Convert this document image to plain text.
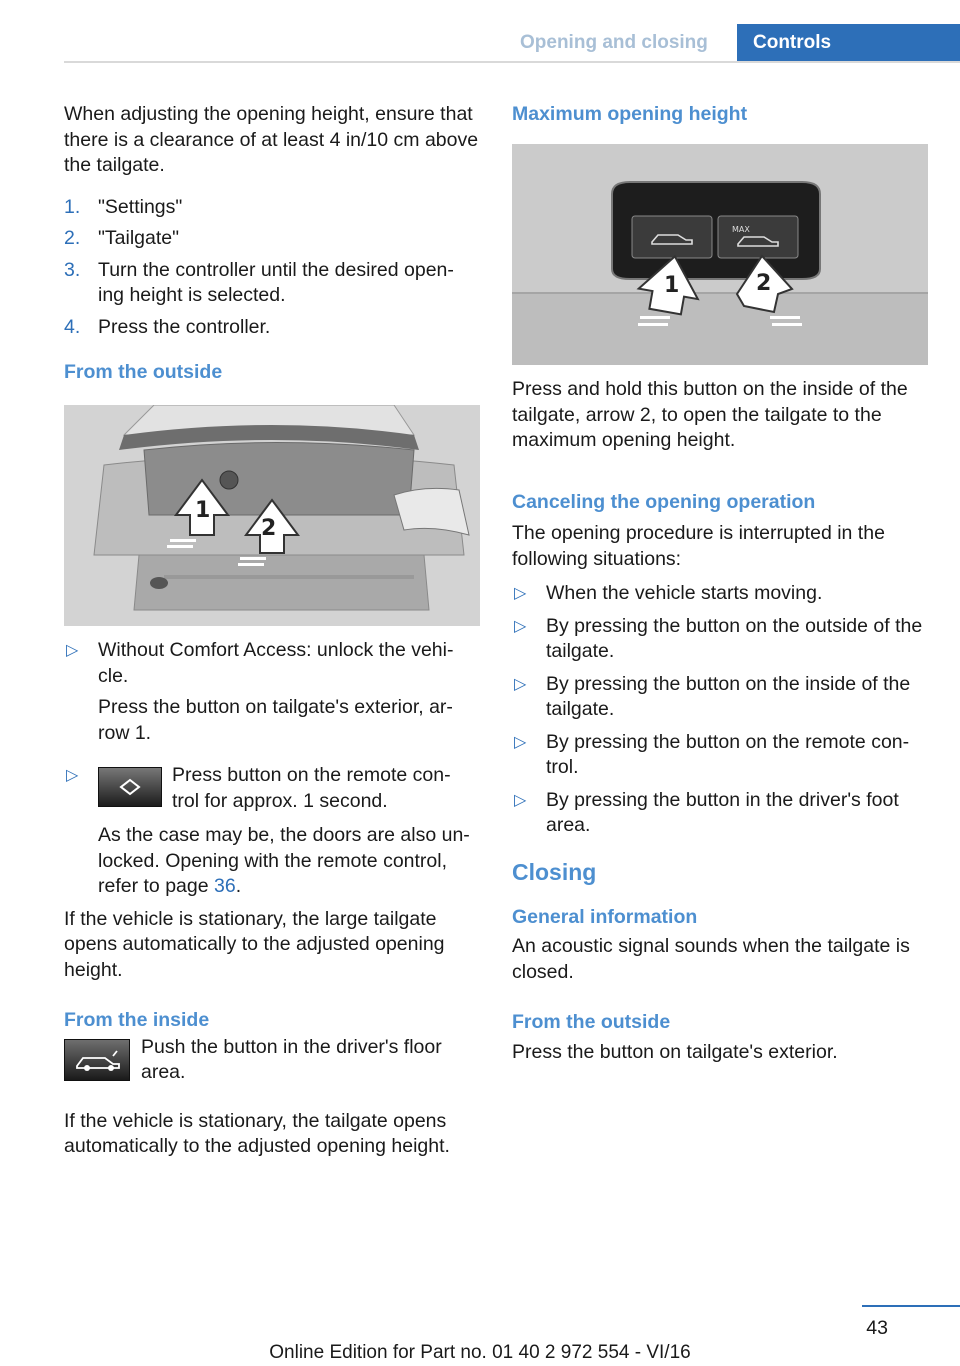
Opening and closing	Controls

When adjusting the opening height, ensure that there is a clearance of at least 4 in/10 cm above the tailgate.

1. "Settings"
2. "Tailgate"
3. Turn the controller until the desired open‐ ing height is selected.
4. Press the controller.

From the outside

1
2
▷ Without Comfort Access: unlock the vehi‐ cle.

Press the button on tailgate's exterior, ar‐ row 1.

▷	Press button on the remote con‐ trol for approx. 1 second.

As the case may be, the doors are also un‐ locked. Opening with the remote control, refer to page 36.

If the vehicle is stationary, the large tailgate opens automatically to the adjusted opening height.

From the inside

Push the button in the driver's floor area.

If the vehicle is stationary, the tailgate opens automatically to the adjusted opening height.

Maximum opening height

MAX
1	2

Press and hold this button on the inside of the tailgate, arrow 2, to open the tailgate to the maximum opening height.

Canceling the opening operation

The opening procedure is interrupted in the following situations:

▷ When the vehicle starts moving.
▷ By pressing the button on the outside of the tailgate.
▷ By pressing the button on the inside of the tailgate.
▷ By pressing the button on the remote con‐ trol.
▷ By pressing the button in the driver's foot area.

Closing

General information

An acoustic signal sounds when the tailgate is closed.

From the outside

Press the button on tailgate's exterior.

43
Online Edition for Part no. 01 40 2 972 554 - VI/16
